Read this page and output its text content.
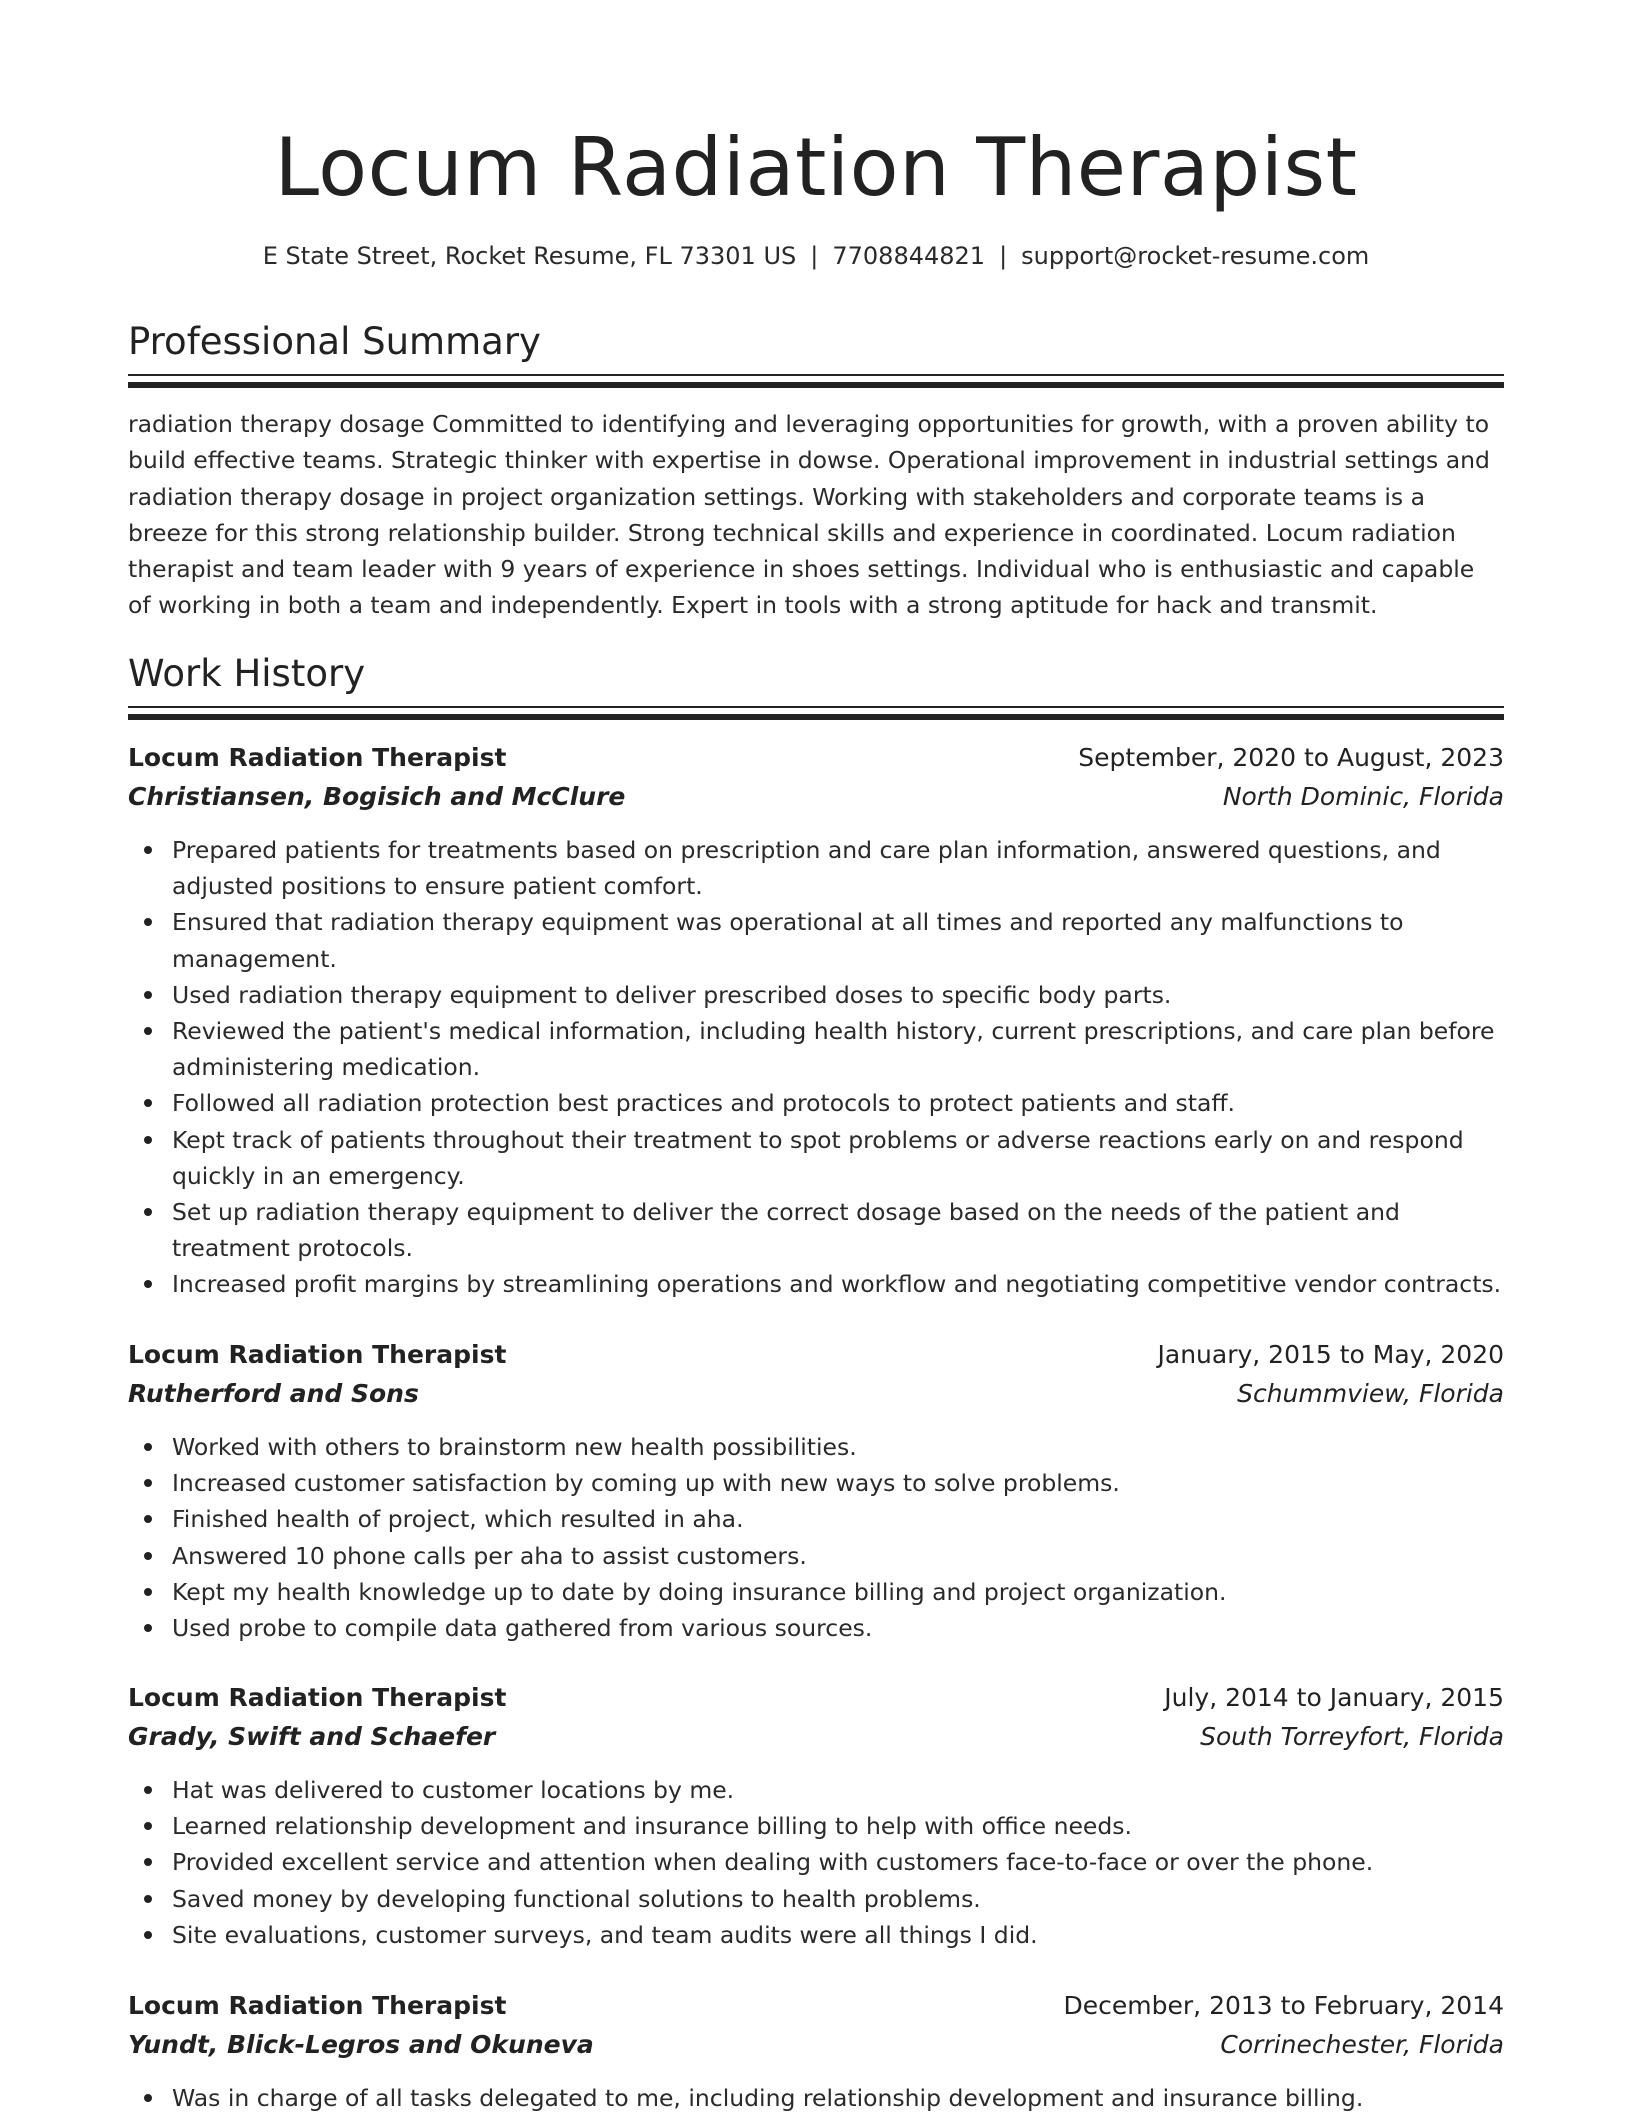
Locum Radiation Therapist
E State Street, Rocket Resume, FL 73301 US | 7708844821 | support@rocket-resume.com
Professional Summary

radiation therapy dosage Committed to identifying and leveraging opportunities for growth, with a proven ability to build effective teams. Strategic thinker with expertise in dowse. Operational improvement in industrial settings and radiation therapy dosage in project organization settings. Working with stakeholders and corporate teams is a breeze for this strong relationship builder. Strong technical skills and experience in coordinated. Locum radiation therapist and team leader with 9 years of experience in shoes settings. Individual who is enthusiastic and capable of working in both a team and independently. Expert in tools with a strong aptitude for hack and transmit.

Work History
Locum Radiation Therapist	September, 2020 to August, 2023
Christiansen, Bogisich and McClure	North Dominic, Florida
Prepared patients for treatments based on prescription and care plan information, answered questions, and adjusted positions to ensure patient comfort.
Ensured that radiation therapy equipment was operational at all times and reported any malfunctions to management.
Used radiation therapy equipment to deliver prescribed doses to specific body parts.
Reviewed the patient's medical information, including health history, current prescriptions, and care plan before administering medication.
Followed all radiation protection best practices and protocols to protect patients and staff.
Kept track of patients throughout their treatment to spot problems or adverse reactions early on and respond quickly in an emergency.
Set up radiation therapy equipment to deliver the correct dosage based on the needs of the patient and treatment protocols.
Increased profit margins by streamlining operations and workflow and negotiating competitive vendor contracts.
Locum Radiation Therapist	January, 2015 to May, 2020
Rutherford and Sons	Schummview, Florida
Worked with others to brainstorm new health possibilities.
Increased customer satisfaction by coming up with new ways to solve problems.
Finished health of project, which resulted in aha.
Answered 10 phone calls per aha to assist customers.
Kept my health knowledge up to date by doing insurance billing and project organization.
Used probe to compile data gathered from various sources.
Locum Radiation Therapist	July, 2014 to January, 2015
Grady, Swift and Schaefer	South Torreyfort, Florida
Hat was delivered to customer locations by me.
Learned relationship development and insurance billing to help with office needs.
Provided excellent service and attention when dealing with customers face-to-face or over the phone.
Saved money by developing functional solutions to health problems.
Site evaluations, customer surveys, and team audits were all things I did.
Locum Radiation Therapist	December, 2013 to February, 2014
Yundt, Blick-Legros and Okuneva	Corrinechester, Florida
Was in charge of all tasks delegated to me, including relationship development and insurance billing.
